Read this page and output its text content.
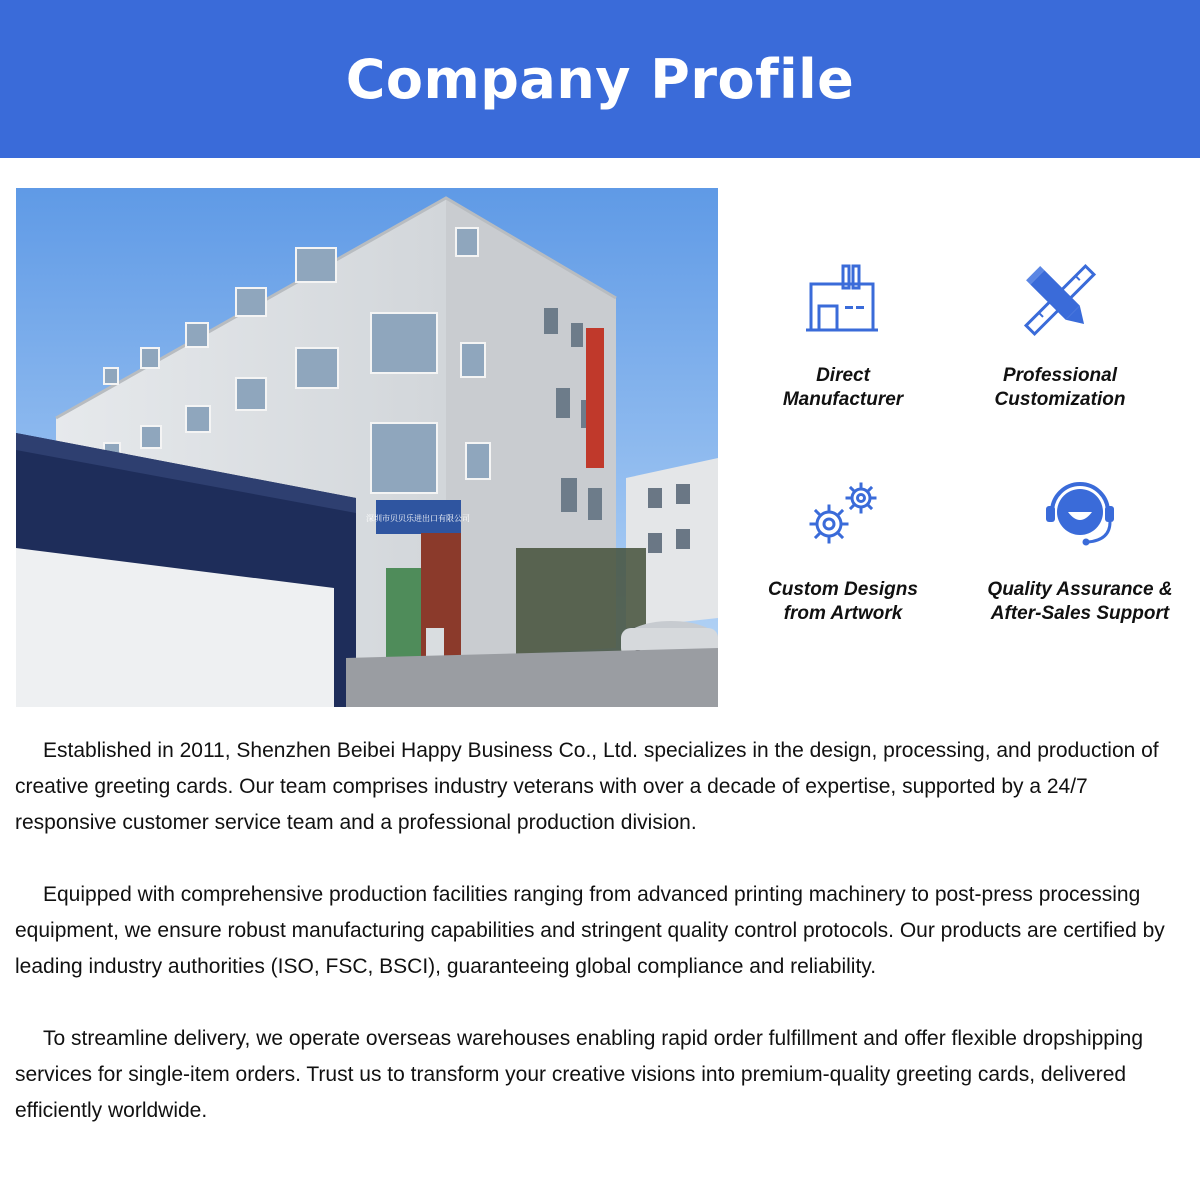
Company Profile
深圳市贝贝乐进出口有限公司
Direct
Manufacturer
Professional
Customization
Custom Designs
from Artwork
Quality Assurance &
After-Sales Support

Established in 2011, Shenzhen Beibei Happy Business Co., Ltd. specializes in the design, processing, and production of creative greeting cards. Our team comprises industry veterans with over a decade of expertise, supported by a 24/7 responsive customer service team and a professional production division.

Equipped with comprehensive production facilities ranging from advanced printing machinery to post-press processing equipment, we ensure robust manufacturing capabilities and stringent quality control protocols. Our products are certified by leading industry authorities (ISO, FSC, BSCI), guaranteeing global compliance and reliability.

To streamline delivery, we operate overseas warehouses enabling rapid order fulfillment and offer flexible dropshipping services for single-item orders. Trust us to transform your creative visions into premium-quality greeting cards, delivered efficiently worldwide.
